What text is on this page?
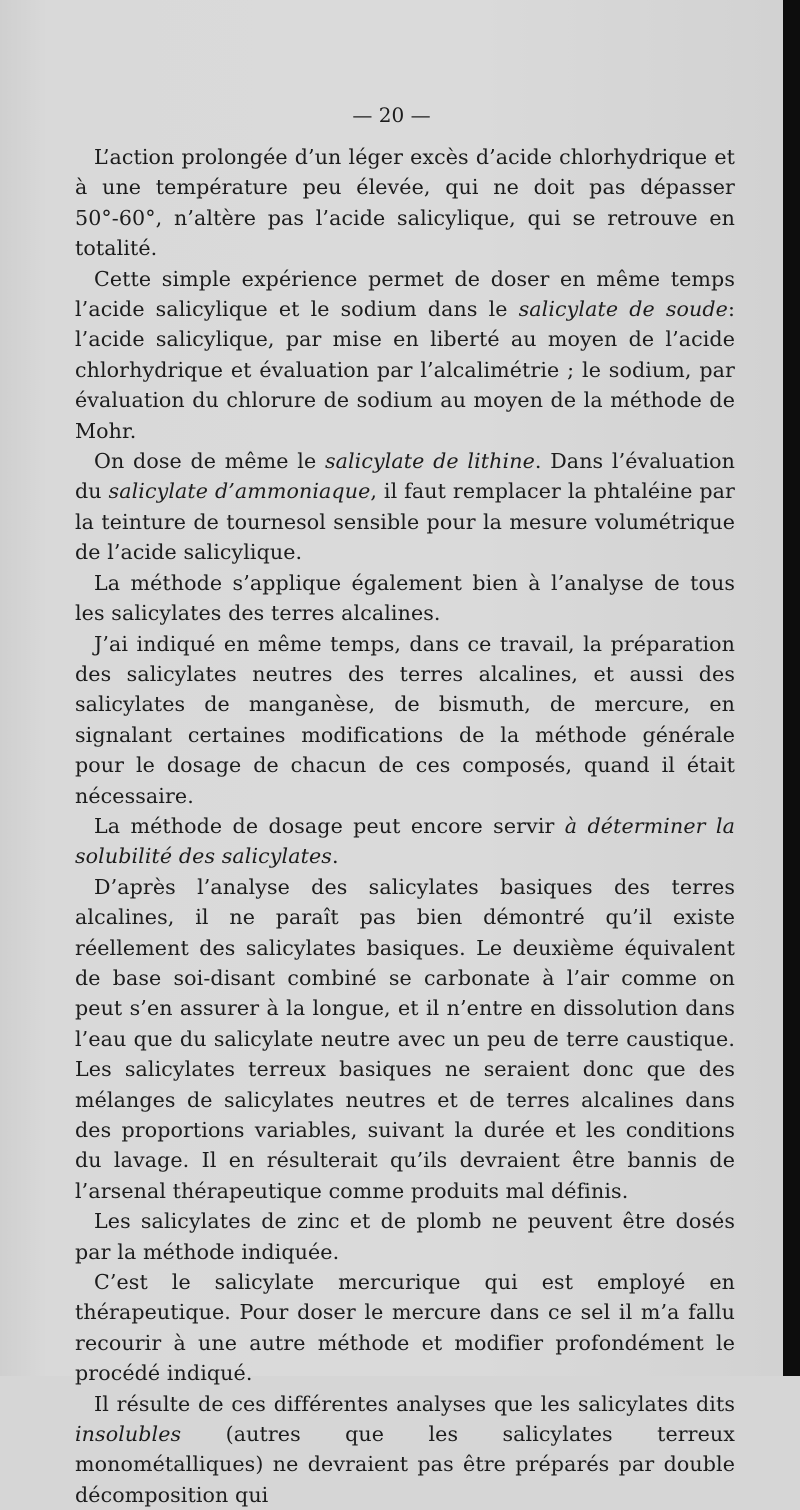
— 20 —

L’action prolongée d’un léger excès d’acide chlorhydrique et à une température peu élevée, qui ne doit pas dépasser 50°-60°, n’altère pas l’acide salicylique, qui se retrouve en totalité.

Cette simple expérience permet de doser en même temps l’acide salicylique et le sodium dans le salicylate de soude: l’acide salicylique, par mise en liberté au moyen de l’acide chlorhydrique et évaluation par l’alcalimétrie ; le sodium, par évaluation du chlorure de sodium au moyen de la méthode de Mohr.

On dose de même le salicylate de lithine. Dans l’évaluation du salicylate d’ammoniaque, il faut remplacer la phtaléine par la teinture de tournesol sensible pour la mesure volumétrique de l’acide salicylique.

La méthode s’applique également bien à l’analyse de tous les salicylates des terres alcalines.

J’ai indiqué en même temps, dans ce travail, la préparation des salicylates neutres des terres alcalines, et aussi des salicylates de manganèse, de bismuth, de mercure, en signalant certaines modifications de la méthode générale pour le dosage de chacun de ces composés, quand il était nécessaire.

La méthode de dosage peut encore servir à déterminer la solubilité des salicylates.

D’après l’analyse des salicylates basiques des terres alcalines, il ne paraît pas bien démontré qu’il existe réellement des salicylates basiques. Le deuxième équivalent de base soi-disant combiné se carbonate à l’air comme on peut s’en assurer à la longue, et il n’entre en dissolution dans l’eau que du salicylate neutre avec un peu de terre caustique. Les salicylates terreux basiques ne seraient donc que des mélanges de salicylates neutres et de terres alcalines dans des proportions variables, suivant la durée et les conditions du lavage. Il en résulterait qu’ils devraient être bannis de l’arsenal thérapeutique comme produits mal définis.

Les salicylates de zinc et de plomb ne peuvent être dosés par la méthode indiquée.

C’est le salicylate mercurique qui est employé en thérapeutique. Pour doser le mercure dans ce sel il m’a fallu recourir à une autre méthode et modifier profondément le procédé indiqué.

Il résulte de ces différentes analyses que les salicylates dits insolubles (autres que les salicylates terreux monométalliques) ne devraient pas être préparés par double décomposition qui
